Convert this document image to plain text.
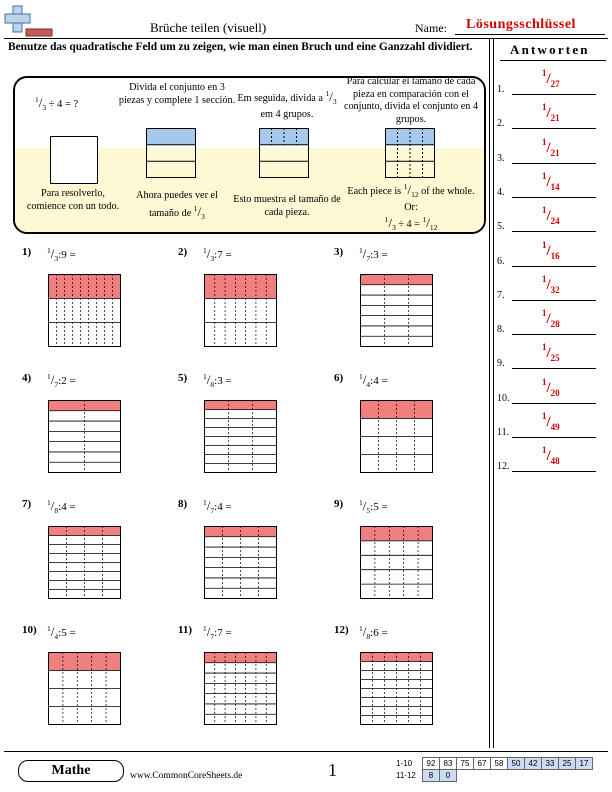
Brüche teilen (visuell)	Name: Lösungsschlüssel
Benutze das quadratische Feld um zu zeigen, wie man einen Bruch und eine Ganzzahl dividiert.
$^1/_3 \div 4$ = ?
Para resolverlo, comience con un todo.
Divida el conjunto en 3 piezas y complete 1 sección.
Ahora puedes ver el
tamaño de $^1/_3$
Em seguida, divida a $^1/_3$
em 4 grupos.
Esto muestra el tamaño de cada pieza.
Para calcular el tamaño de cada pieza en comparación con el conjunto, divida el conjunto en 4 grupos.
Each piece is $^1/_{12}$ of the whole.
Or:
$^1/_3 \div 4 = ^1/_{12}$
1) $^1/_3:9$ =	2) $^1/_3:7$ =	3) $^1/_7:3$ =
4) $^1/_7:2$ =	5) $^1/_8:3$ =	6) $^1/_4:4$ =
7) $^1/_8:4$ =	8) $^1/_7:4$ =	9) $^1/_5:5$ =
10) $^1/_4:5$ =	11) $^1/_7:7$ =	12) $^1/_8:6$ =
Antworten
1.
1/27
2.
1/21
3.
1/21
4.
1/14
5.
1/24
6.
1/16
7.
1/32
8.
1/28
9.
1/25
10.
1/20
11.
1/49
12.
1/48
Mathe	www.CommonCoreSheets.de	1	1-10 92 83 75 67 58 50 42 33 25 17
11-12 8 0
